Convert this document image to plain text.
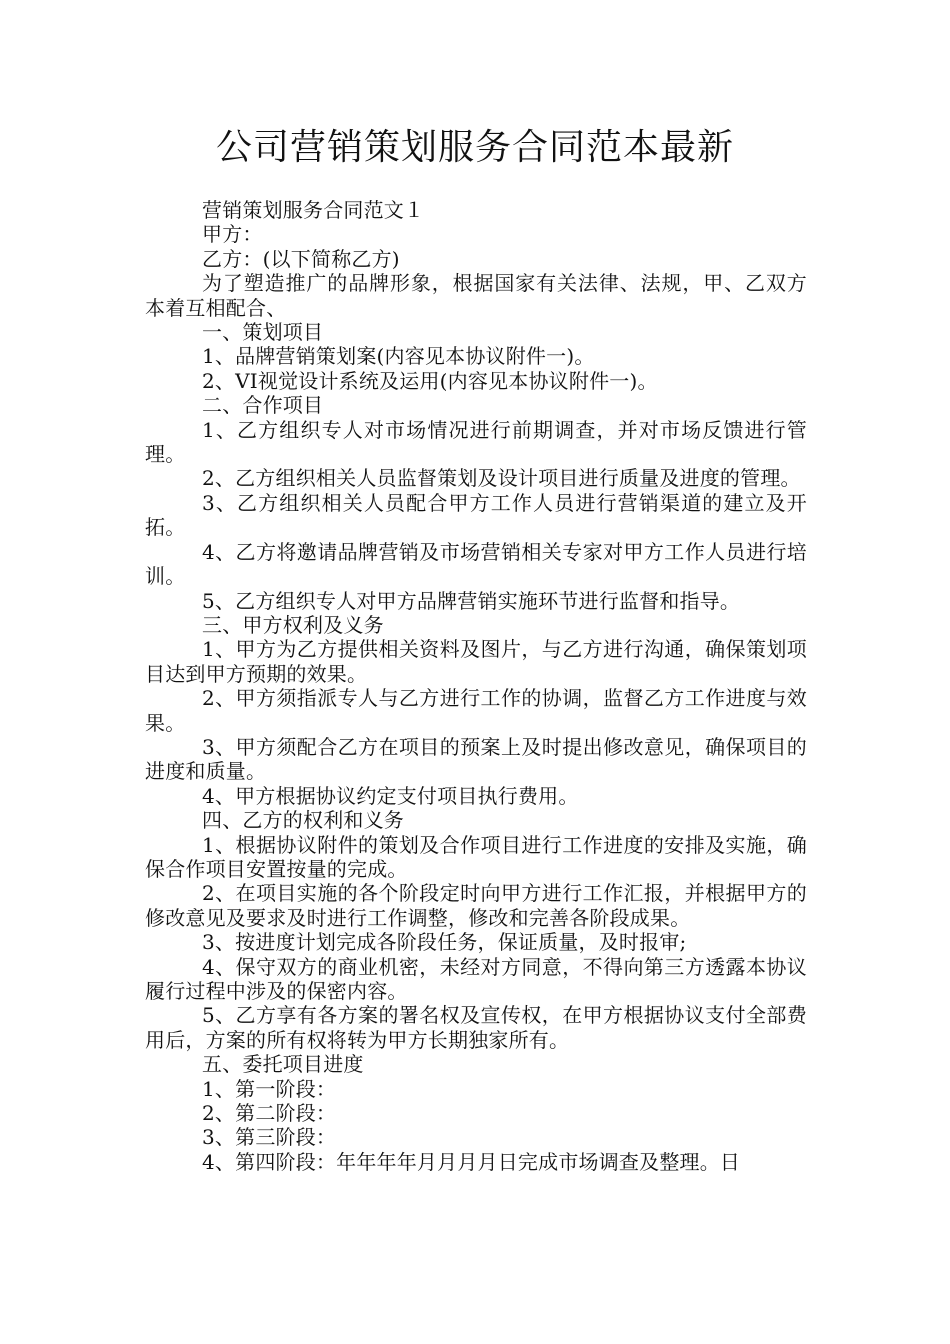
公司营销策划服务合同范本最新

营销策划服务合同范文１

甲方：

乙方：(以下简称乙方)

为了塑造推广的品牌形象，根据国家有关法律、法规，甲、乙双方本着互相配合、

一、策划项目

1、品牌营销策划案(内容见本协议附件一)。

2、VI视觉设计系统及运用(内容见本协议附件一)。

二、合作项目

1、乙方组织专人对市场情况进行前期调查，并对市场反馈进行管理。

2、乙方组织相关人员监督策划及设计项目进行质量及进度的管理。

3、乙方组织相关人员配合甲方工作人员进行营销渠道的建立及开拓。

4、乙方将邀请品牌营销及市场营销相关专家对甲方工作人员进行培训。

5、乙方组织专人对甲方品牌营销实施环节进行监督和指导。

三、甲方权利及义务

1、甲方为乙方提供相关资料及图片，与乙方进行沟通，确保策划项目达到甲方预期的效果。

2、甲方须指派专人与乙方进行工作的协调，监督乙方工作进度与效果。

3、甲方须配合乙方在项目的预案上及时提出修改意见，确保项目的进度和质量。

4、甲方根据协议约定支付项目执行费用。

四、乙方的权利和义务

1、根据协议附件的策划及合作项目进行工作进度的安排及实施，确保合作项目安置按量的完成。

2、在项目实施的各个阶段定时向甲方进行工作汇报，并根据甲方的修改意见及要求及时进行工作调整，修改和完善各阶段成果。

3、按进度计划完成各阶段任务，保证质量，及时报审;

4、保守双方的商业机密，未经对方同意，不得向第三方透露本协议履行过程中涉及的保密内容。

5、乙方享有各方案的署名权及宣传权，在甲方根据协议支付全部费用后，方案的所有权将转为甲方长期独家所有。

五、委托项目进度

1、第一阶段：

2、第二阶段：

3、第三阶段：

4、第四阶段：年年年年月月月月日完成市场调查及整理。日
